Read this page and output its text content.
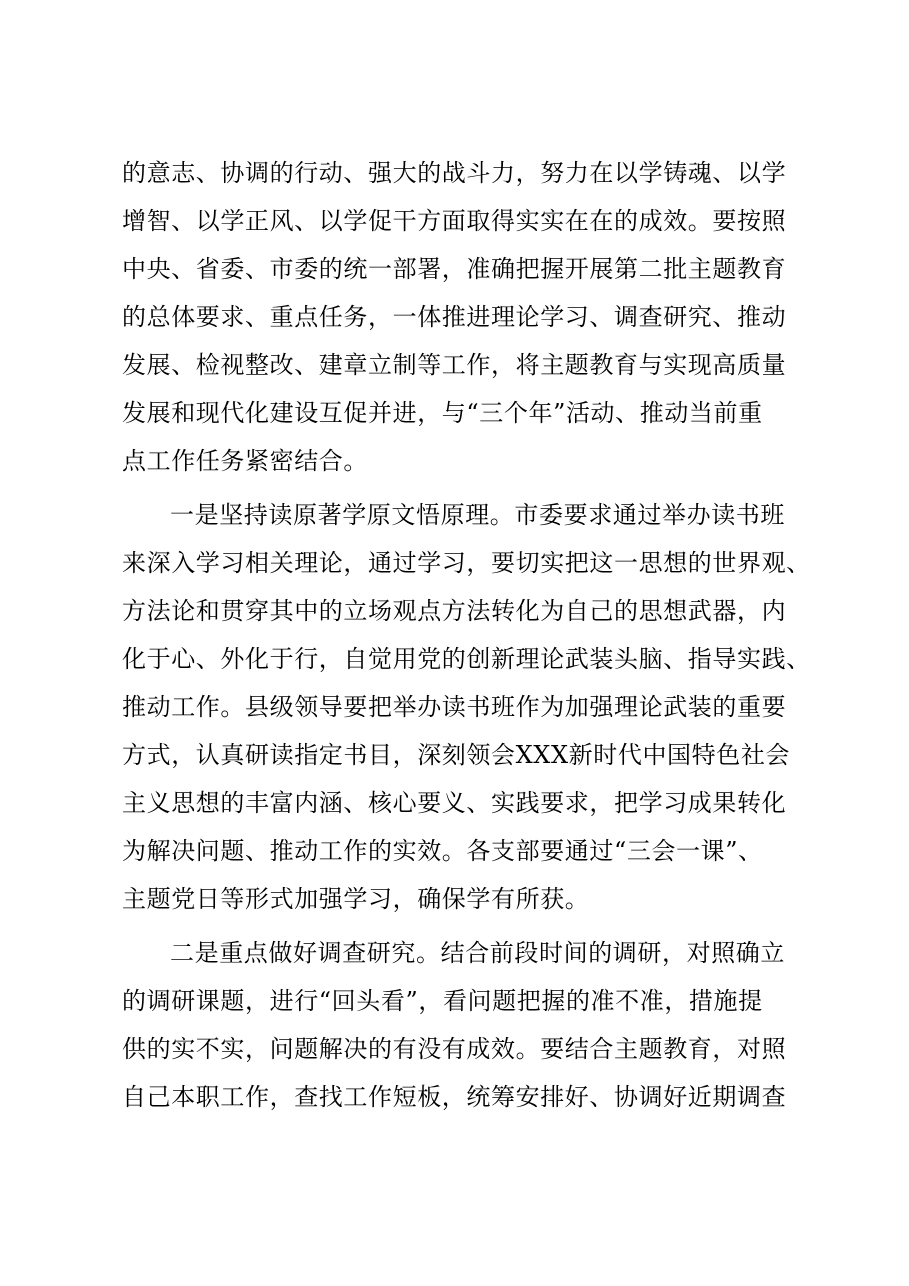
的意志、协调的行动、强大的战斗力，努力在以学铸魂、以学
增智、以学正风、以学促干方面取得实实在在的成效。要按照
中央、省委、市委的统一部署，准确把握开展第二批主题教育
的总体要求、重点任务，一体推进理论学习、调查研究、推动
发展、检视整改、建章立制等工作，将主题教育与实现高质量
发展和现代化建设互促并进，与“三个年”活动、推动当前重
点工作任务紧密结合。
一是坚持读原著学原文悟原理。市委要求通过举办读书班
来深入学习相关理论，通过学习，要切实把这一思想的世界观、
方法论和贯穿其中的立场观点方法转化为自己的思想武器，内
化于心、外化于行，自觉用党的创新理论武装头脑、指导实践、
推动工作。县级领导要把举办读书班作为加强理论武装的重要
方式，认真研读指定书目，深刻领会XXX新时代中国特色社会
主义思想的丰富内涵、核心要义、实践要求，把学习成果转化
为解决问题、推动工作的实效。各支部要通过“三会一课”、
主题党日等形式加强学习，确保学有所获。
二是重点做好调查研究。结合前段时间的调研，对照确立
的调研课题，进行“回头看”，看问题把握的准不准，措施提
供的实不实，问题解决的有没有成效。要结合主题教育，对照
自己本职工作，查找工作短板，统筹安排好、协调好近期调查
